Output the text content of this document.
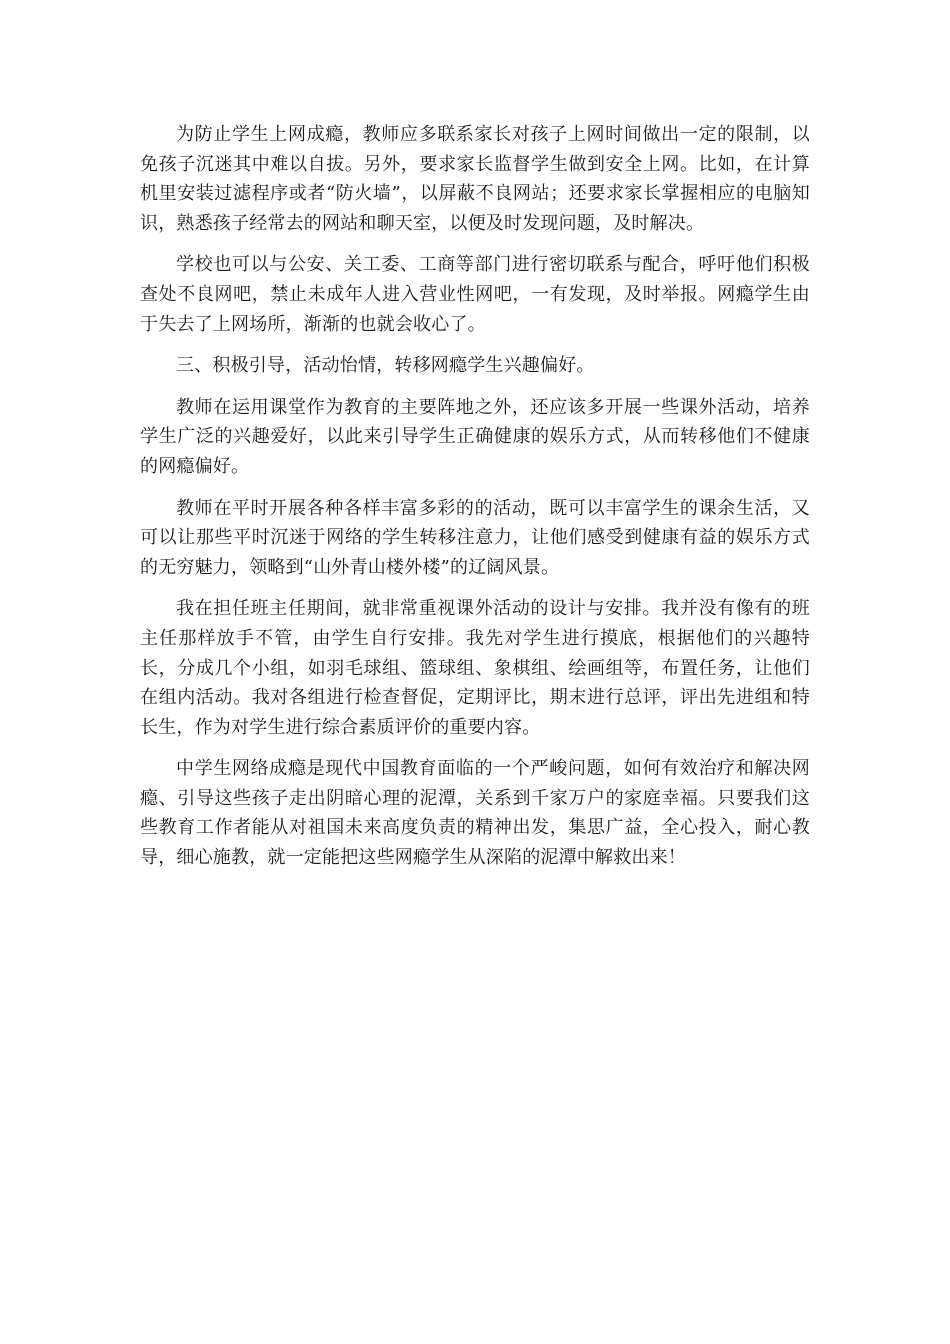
为防止学生上网成瘾，教师应多联系家长对孩子上网时间做出一定的限制，以免孩子沉迷其中难以自拔。另外，要求家长监督学生做到安全上网。比如，在计算机里安装过滤程序或者“防火墙”，以屏蔽不良网站；还要求家长掌握相应的电脑知识，熟悉孩子经常去的网站和聊天室，以便及时发现问题，及时解决。

学校也可以与公安、关工委、工商等部门进行密切联系与配合，呼吁他们积极查处不良网吧，禁止未成年人进入营业性网吧，一有发现，及时举报。网瘾学生由于失去了上网场所，渐渐的也就会收心了。

三、积极引导，活动怡情，转移网瘾学生兴趣偏好。

教师在运用课堂作为教育的主要阵地之外，还应该多开展一些课外活动，培养学生广泛的兴趣爱好，以此来引导学生正确健康的娱乐方式，从而转移他们不健康的网瘾偏好。

教师在平时开展各种各样丰富多彩的的活动，既可以丰富学生的课余生活，又可以让那些平时沉迷于网络的学生转移注意力，让他们感受到健康有益的娱乐方式的无穷魅力，领略到“山外青山楼外楼”的辽阔风景。

我在担任班主任期间，就非常重视课外活动的设计与安排。我并没有像有的班主任那样放手不管，由学生自行安排。我先对学生进行摸底，根据他们的兴趣特长，分成几个小组，如羽毛球组、篮球组、象棋组、绘画组等，布置任务，让他们在组内活动。我对各组进行检查督促，定期评比，期末进行总评，评出先进组和特长生，作为对学生进行综合素质评价的重要内容。

中学生网络成瘾是现代中国教育面临的一个严峻问题，如何有效治疗和解决网瘾、引导这些孩子走出阴暗心理的泥潭，关系到千家万户的家庭幸福。只要我们这些教育工作者能从对祖国未来高度负责的精神出发，集思广益，全心投入，耐心教导，细心施教，就一定能把这些网瘾学生从深陷的泥潭中解救出来！
